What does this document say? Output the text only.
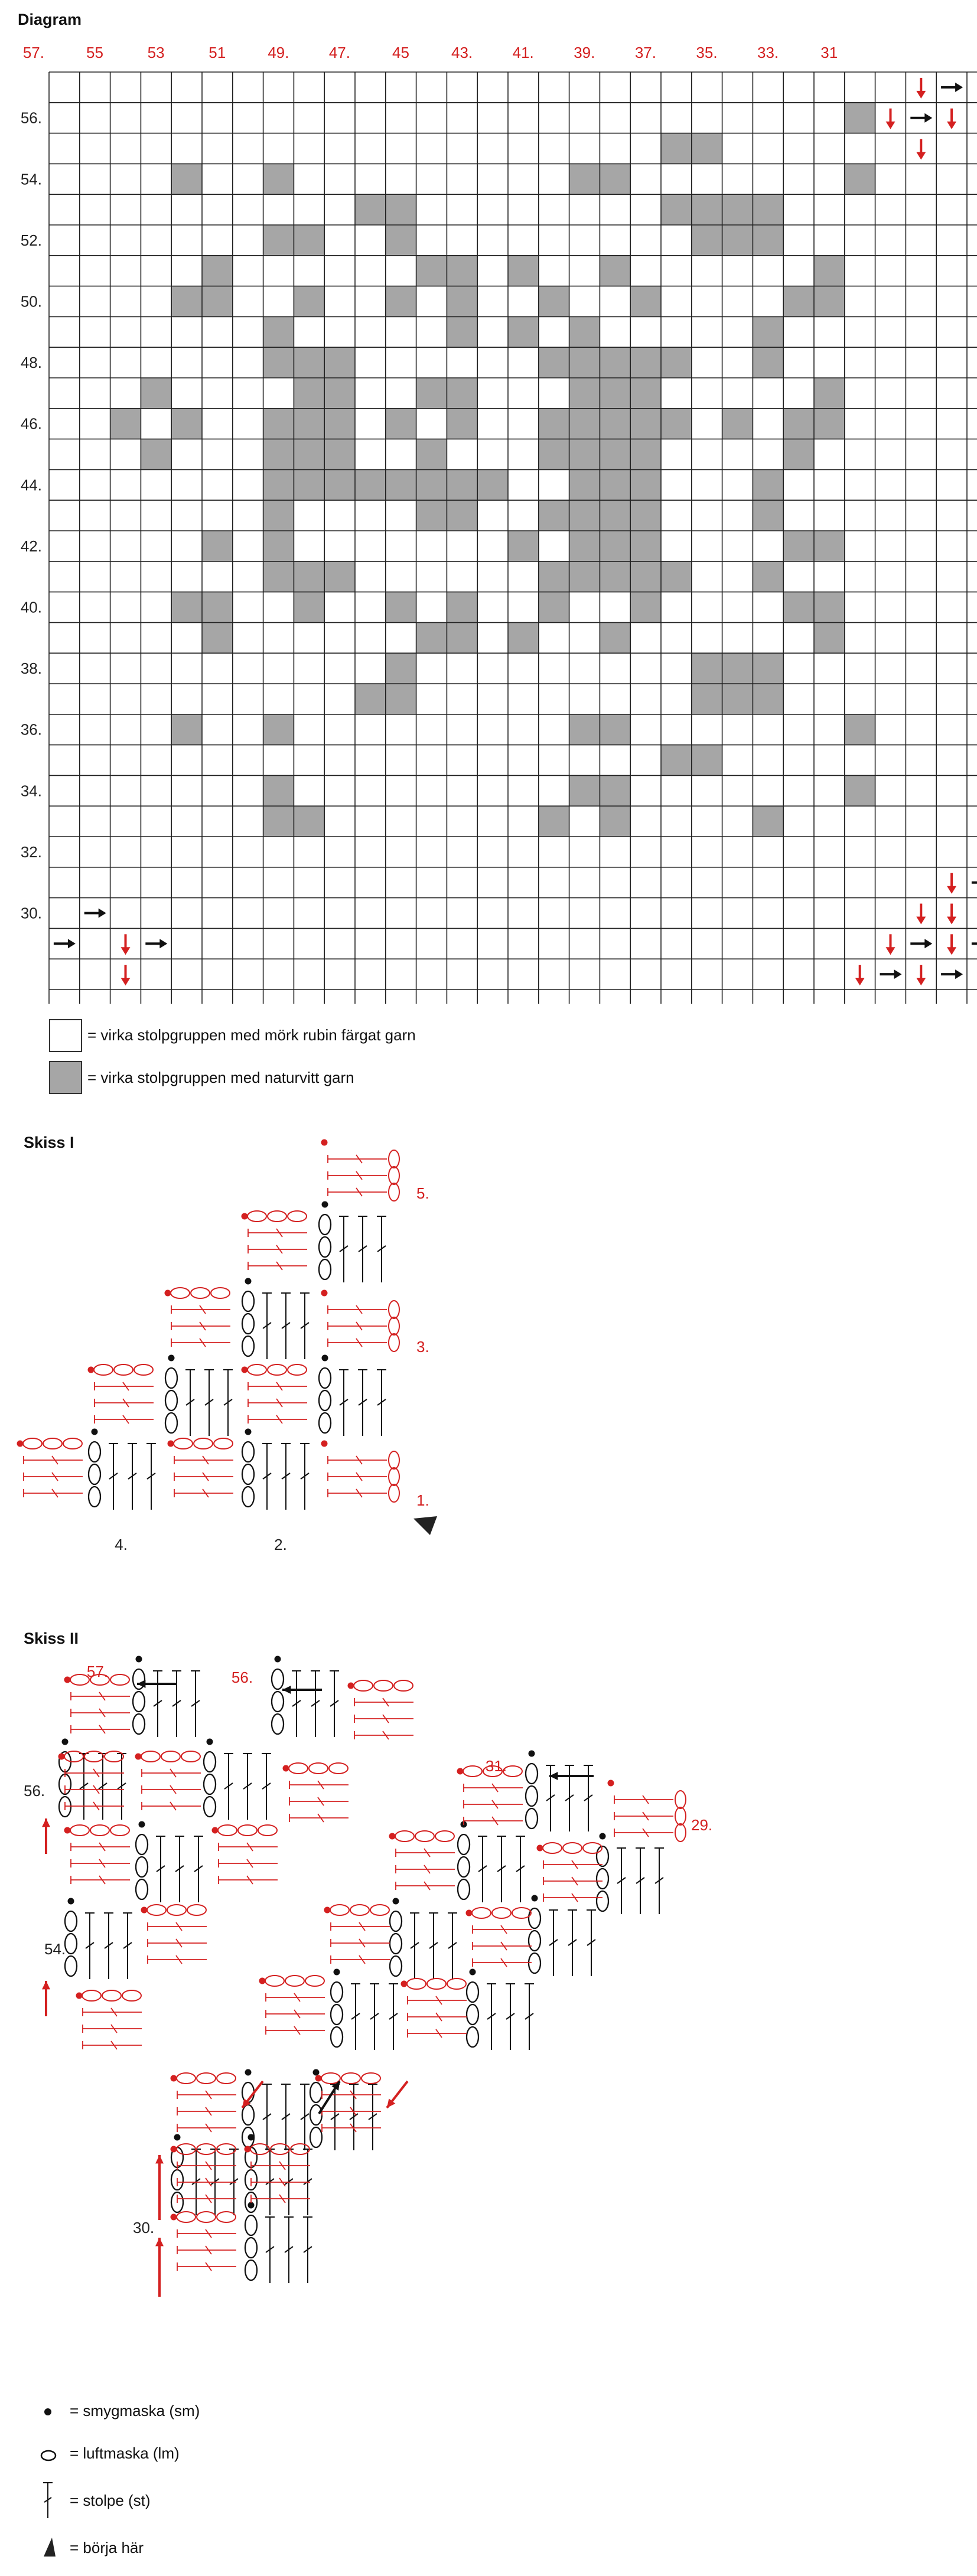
Diagram
57.	55	53	51	49.	47.	45	43.	41.	39.	37.	35.	33.	31
56.
54.
52.
50.
48.
46.
44.
42.
40.
38.
36.
34.
32.
30.
= virka stolpgruppen med mörk rubin färgat garn
= virka stolpgruppen med naturvitt garn
Skiss I
5.
3.
1.
4.	2.
Skiss II
57.	56.
31.
29.
56.
54.
30.
= smygmaska (sm)
= luftmaska (lm)
= stolpe (st)
= börja här
